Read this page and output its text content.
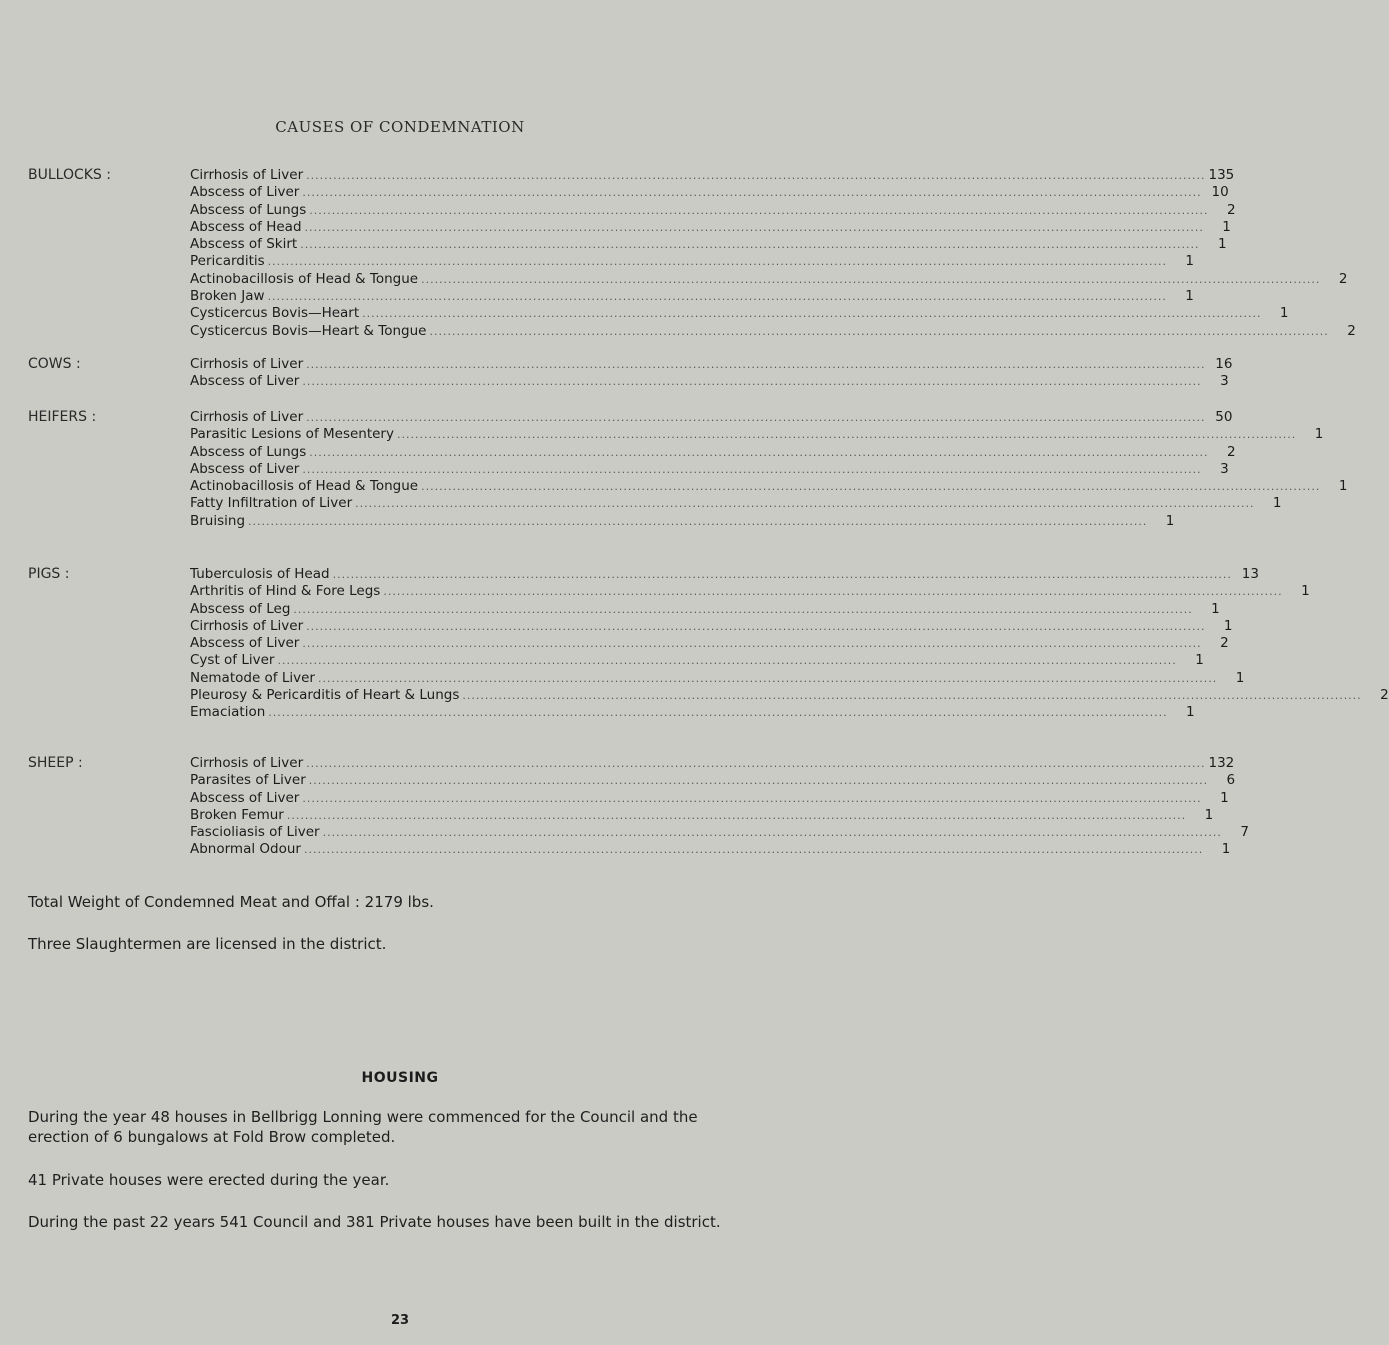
CAUSES OF CONDEMNATION
BULLOCKS :	Cirrhosis of Liver ........................................................................................................................................................................................................ 135
Abscess of Liver ........................................................................................................................................................................................................ 10
Abscess of Lungs ........................................................................................................................................................................................................	2
Abscess of Head ........................................................................................................................................................................................................	1
Abscess of Skirt ........................................................................................................................................................................................................	1
Pericarditis ........................................................................................................................................................................................................	1
Actinobacillosis of Head & Tongue ........................................................................................................................................................................................................	2
Broken Jaw ........................................................................................................................................................................................................	1
Cysticercus Bovis—Heart ........................................................................................................................................................................................................	1
Cysticercus Bovis—Heart & Tongue ........................................................................................................................................................................................................	2
COWS :	Cirrhosis of Liver ........................................................................................................................................................................................................ 16
Abscess of Liver ........................................................................................................................................................................................................	3
HEIFERS :	Cirrhosis of Liver ........................................................................................................................................................................................................ 50
Parasitic Lesions of Mesentery ........................................................................................................................................................................................................	1
Abscess of Lungs ........................................................................................................................................................................................................	2
Abscess of Liver ........................................................................................................................................................................................................	3
Actinobacillosis of Head & Tongue ........................................................................................................................................................................................................	1
Fatty Infiltration of Liver ........................................................................................................................................................................................................	1
Bruising ........................................................................................................................................................................................................	1
PIGS :	Tuberculosis of Head ........................................................................................................................................................................................................ 13
Arthritis of Hind & Fore Legs ........................................................................................................................................................................................................	1
Abscess of Leg ........................................................................................................................................................................................................	1
Cirrhosis of Liver ........................................................................................................................................................................................................	1
Abscess of Liver ........................................................................................................................................................................................................	2
Cyst of Liver ........................................................................................................................................................................................................	1
Nematode of Liver ........................................................................................................................................................................................................	1
Pleurosy & Pericarditis of Heart & Lungs ........................................................................................................................................................................................................	2
Emaciation ........................................................................................................................................................................................................	1
SHEEP :	Cirrhosis of Liver ........................................................................................................................................................................................................ 132
Parasites of Liver ........................................................................................................................................................................................................	6
Abscess of Liver ........................................................................................................................................................................................................	1
Broken Femur ........................................................................................................................................................................................................	1
Fascioliasis of Liver ........................................................................................................................................................................................................	7
Abnormal Odour ........................................................................................................................................................................................................	1
Total Weight of Condemned Meat and Offal : 2179 lbs.
Three Slaughtermen are licensed in the district.
HOUSING
During the year 48 houses in Bellbrigg Lonning were commenced for the Council and the erection of 6 bungalows at Fold Brow completed.
41 Private houses were erected during the year.
During the past 22 years 541 Council and 381 Private houses have been built in the district.
23
